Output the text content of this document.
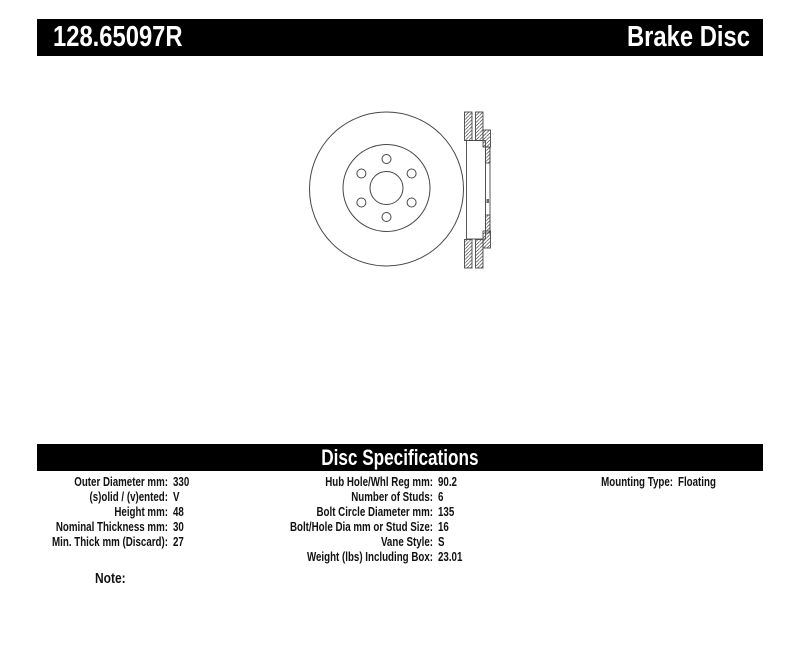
128.65097R	Brake Disc
Disc Specifications
Outer Diameter mm: 330
(s)olid / (v)ented: V
Height mm: 48
Nominal Thickness mm: 30
Min. Thick mm (Discard): 27
Hub Hole/Whl Reg mm: 90.2
Number of Studs: 6
Bolt Circle Diameter mm: 135
Bolt/Hole Dia mm or Stud Size: 16
Vane Style: S
Weight (lbs) Including Box: 23.01
Mounting Type: Floating
Note:
